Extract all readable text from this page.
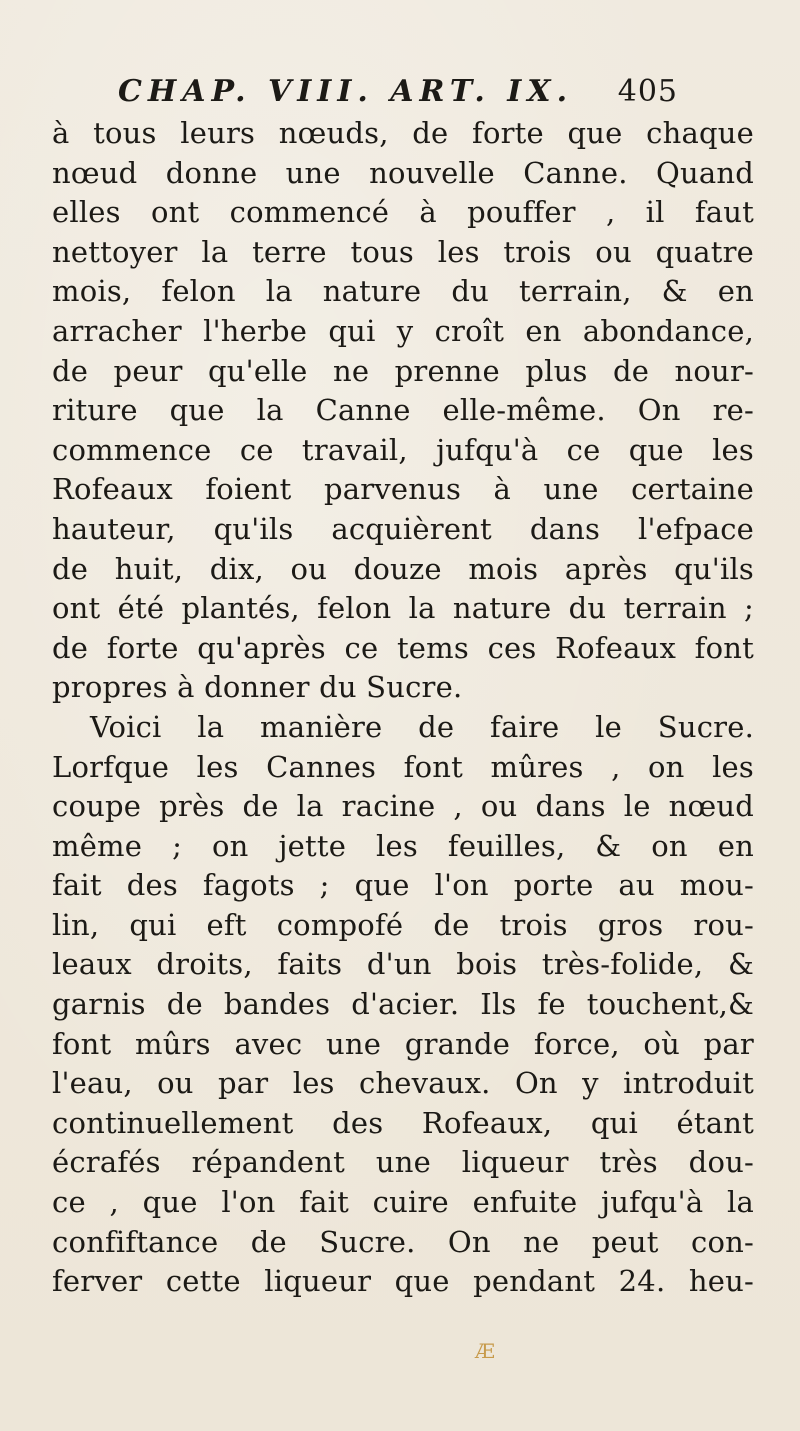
CHAP. VIII. ART. IX. 405
à tous leurs nœuds, de forte que chaque
nœud donne une nouvelle Canne. Quand
elles ont commencé à pouffer , il faut
nettoyer la terre tous les trois ou quatre
mois, felon la nature du terrain, & en
arracher l'herbe qui y croît en abondance,
de peur qu'elle ne prenne plus de nour-
riture que la Canne elle-même. On re-
commence ce travail, jufqu'à ce que les
Rofeaux foient parvenus à une certaine
hauteur, qu'ils acquièrent dans l'efpace
de huit, dix, ou douze mois après qu'ils
ont été plantés, felon la nature du terrain ;
de forte qu'après ce tems ces Rofeaux font
propres à donner du Sucre.
Voici la manière de faire le Sucre.
Lorfque les Cannes font mûres , on les
coupe près de la racine , ou dans le nœud
même ; on jette les feuilles, & on en
fait des fagots ; que l'on porte au mou-
lin, qui eft compofé de trois gros rou-
leaux droits, faits d'un bois très-folide, &
garnis de bandes d'acier. Ils fe touchent,&
font mûrs avec une grande force, où par
l'eau, ou par les chevaux. On y introduit
continuellement des Rofeaux, qui étant
écrafés répandent une liqueur très dou-
ce , que l'on fait cuire enfuite jufqu'à la
confiftance de Sucre. On ne peut con-
ferver cette liqueur que pendant 24. heu-
Æ
